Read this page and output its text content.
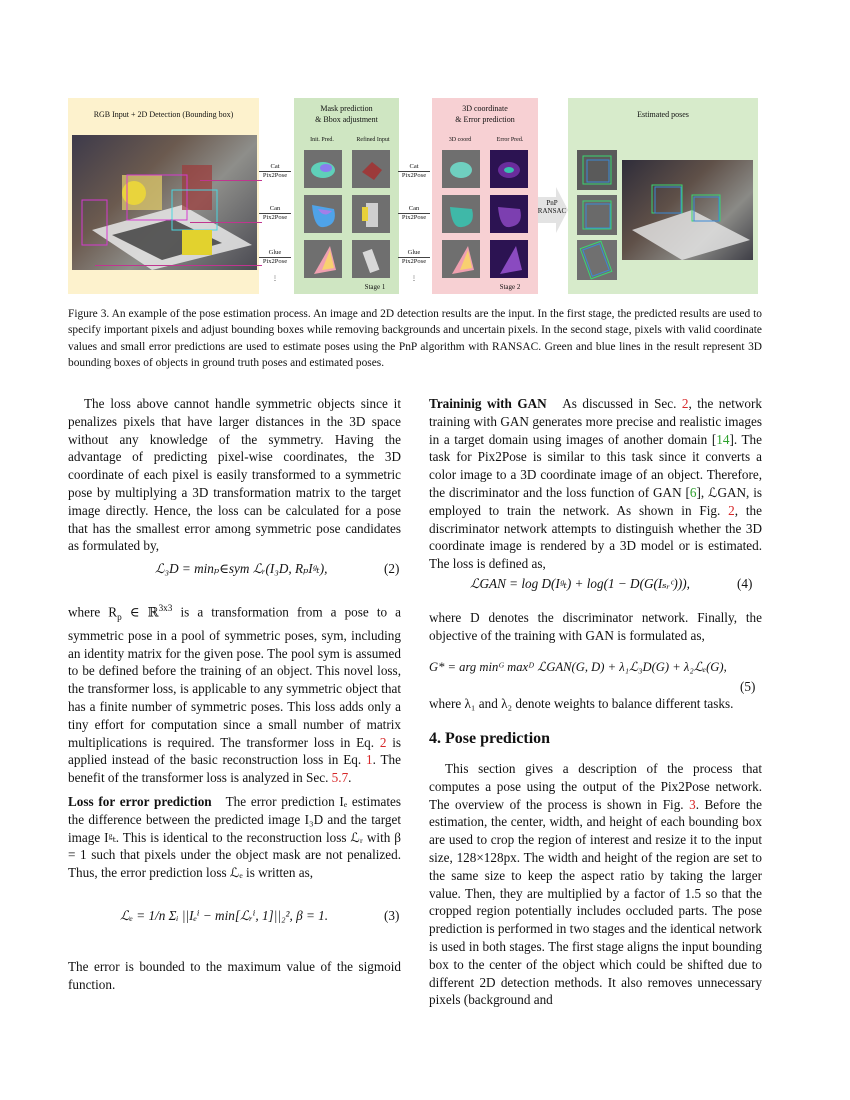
RGB Input + 2D Detection (Bounding box)
Cat
Pix2Pose
Can
Pix2Pose
Glue
Pix2Pose
⋮
Mask prediction
& Bbox adjustment
Init. Pred.	Refined Input
Stage 1
Cat
Pix2Pose
Can
Pix2Pose
Glue
Pix2Pose
⋮
3D coordinate
& Error prediction
3D coord	Error Pred.
Stage 2
PnP
RANSAC
Estimated poses
Figure 3. An example of the pose estimation process. An image and 2D detection results are the input. In the first stage, the predicted results are used to specify important pixels and adjust bounding boxes while removing backgrounds and uncertain pixels. In the second stage, pixels with valid coordinate values and small error predictions are used to estimate poses using the PnP algorithm with RANSAC. Green and blue lines in the result represent 3D bounding boxes of objects in ground truth poses and estimated poses.
The loss above cannot handle symmetric objects since it penalizes pixels that have larger distances in the 3D space without any knowledge of the symmetry. Having the advantage of predicting pixel-wise coordinates, the 3D coordinate of each pixel is easily transformed to a symmetric pose by multiplying a 3D transformation matrix to the target image directly. Hence, the loss can be calculated for a pose that has the smallest error among symmetric pose candidates as formulated by,
ℒ₃D = minₚ∈sym ℒᵣ(I₃D, RₚIᵍₜ),	(2)

where $R_p$ ∈ ℝ$^{3x3}$ is a transformation from a pose to a symmetric pose in a pool of symmetric poses, sym, including an identity matrix for the given pose. The pool sym is assumed to be defined before the training of an object. This novel loss, the transformer loss, is applicable to any symmetric object that has a finite number of symmetric poses. This loss adds only a tiny effort for computation since a small number of matrix multiplications is required. The transformer loss in Eq. 2 is applied instead of the basic reconstruction loss in Eq. 1. The benefit of the transformer loss is analyzed in Sec. 5.7.

Loss for error prediction The error prediction Iₑ estimates the difference between the predicted image I₃D and the target image Iᵍₜ. This is identical to the reconstruction loss ℒᵣ with β = 1 such that pixels under the object mask are not penalized. Thus, the error prediction loss ℒₑ is written as,

ℒₑ = 1/n Σᵢ ||Iₑⁱ − min[ℒᵣⁱ, 1]||₂², β = 1.	(3)
The error is bounded to the maximum value of the sigmoid function.

Traininig with GAN As discussed in Sec. 2, the network training with GAN generates more precise and realistic images in a target domain using images of another domain [14]. The task for Pix2Pose is similar to this task since it converts a color image to a 3D coordinate image of an object. Therefore, the discriminator and the loss function of GAN [6], ℒGAN, is employed to train the network. As shown in Fig. 2, the discriminator network attempts to distinguish whether the 3D coordinate image is rendered by a 3D model or is estimated. The loss is defined as,

ℒGAN = log D(Iᵍₜ) + log(1 − D(G(Iₛᵣᶜ))),	(4)
where D denotes the discriminator network. Finally, the objective of the training with GAN is formulated as,
G* = arg minᴳ maxᴰ ℒGAN(G, D) + λ₁ℒ₃D(G) + λ₂ℒₑ(G),
(5)
where λ₁ and λ₂ denote weights to balance different tasks.
4. Pose prediction

This section gives a description of the process that computes a pose using the output of the Pix2Pose network. The overview of the process is shown in Fig. 3. Before the estimation, the center, width, and height of each bounding box are used to crop the region of interest and resize it to the input size, 128×128px. The width and height of the region are set to the same size to keep the aspect ratio by taking the larger value. Then, they are multiplied by a factor of 1.5 so that the cropped region potentially includes occluded parts. The pose prediction is performed in two stages and the identical network is used in both stages. The first stage aligns the input bounding box to the center of the object which could be shifted due to different 2D detection methods. It also removes unnecessary pixels (background and
